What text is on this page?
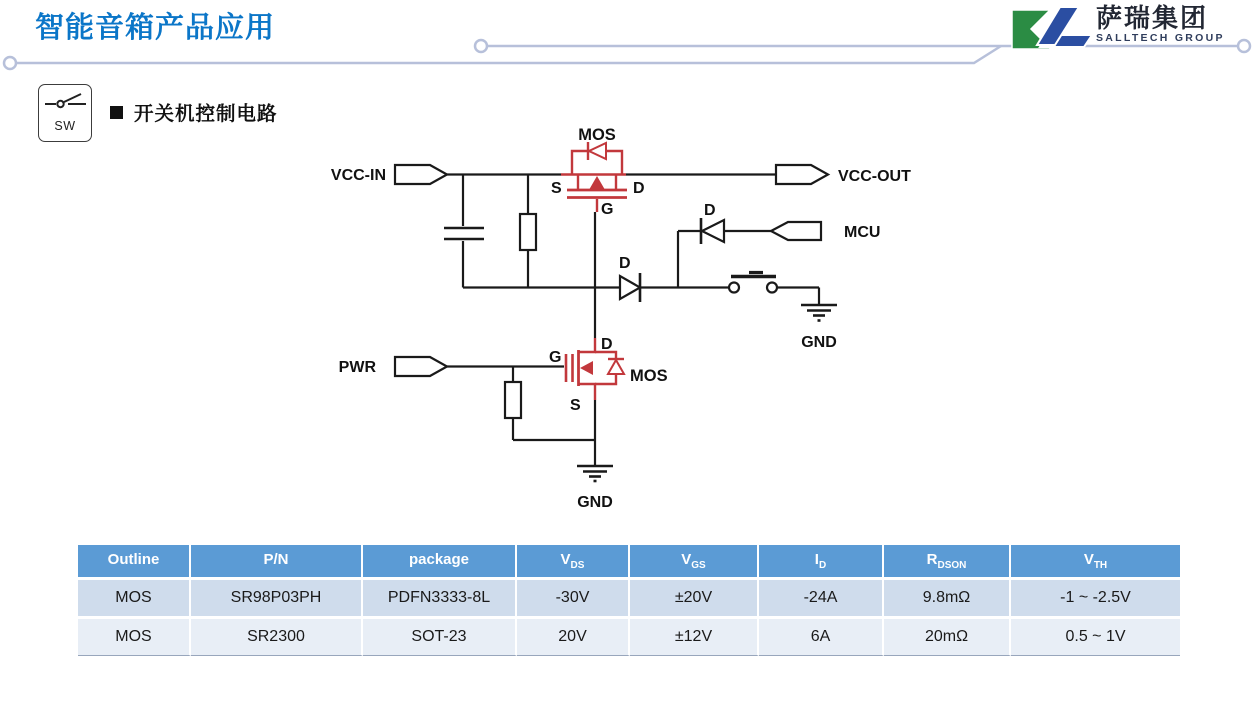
VCC-IN	VCC-OUT
MCU
PWR
GND
GND
MOS
S	D
G
D
D
MOS
D
G
S
智能音箱产品应用	萨瑞集团
SALLTECH GROUP
SW
开关机控制电路
Outline	P/N	package	$V_{DS}$	$V_{GS}$	$I_D$	$R_{DSON}$	$V_{TH}$
MOS	SR98P03PH	PDFN3333-8L	-30V	±20V	-24A	9.8mΩ	-1 ~ -2.5V
MOS	SR2300	SOT-23	20V	±12V	6A	20mΩ	0.5 ~ 1V
